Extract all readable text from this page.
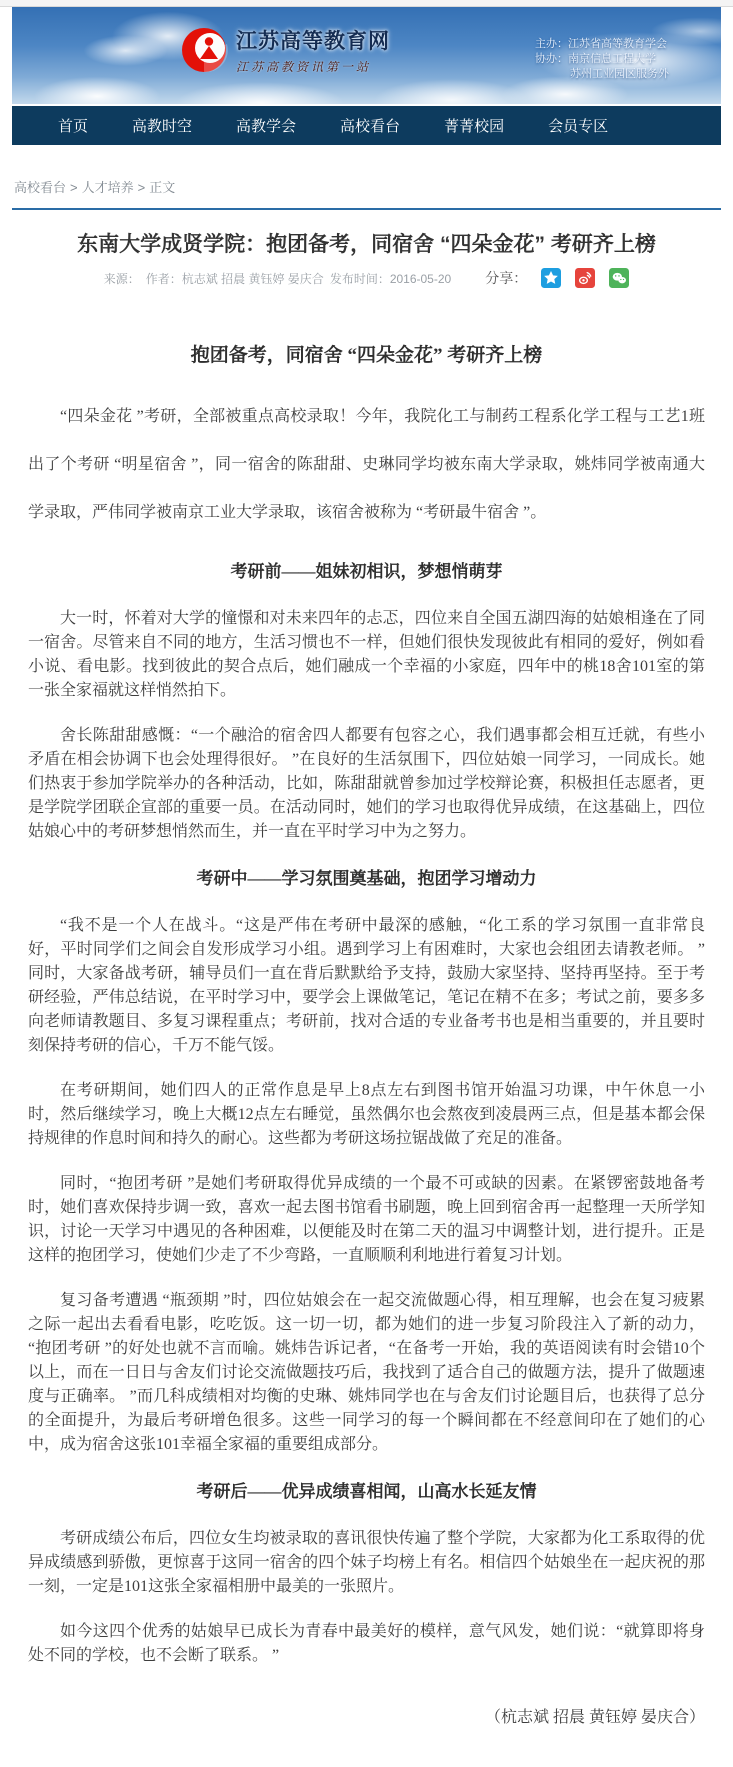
江苏高等教育网
江苏高教资讯第一站
主办：江苏省高等教育学会
协办：南京信息工程大学
苏州工业园区服务外
首页	高教时空	高教学会	高校看台	菁菁校园	会员专区
高校看台 > 人才培养 > 正文
东南大学成贤学院：抱团备考，同宿舍 “四朵金花” 考研齐上榜
来源： 作者：杭志斌 招晨 黄钰婷 晏庆合 发布时间：2016-05-20 分享：
抱团备考，同宿舍 “四朵金花” 考研齐上榜

“四朵金花 ”考研，全部被重点高校录取！今年，我院化工与制药工程系化学工程与工艺1班出了个考研 “明星宿舍 ”，同一宿舍的陈甜甜、史琳同学均被东南大学录取，姚炜同学被南通大学录取，严伟同学被南京工业大学录取，该宿舍被称为 “考研最牛宿舍 ”。

考研前——姐妹初相识，梦想悄萌芽

大一时，怀着对大学的憧憬和对未来四年的忐忑，四位来自全国五湖四海的姑娘相逢在了同一宿舍。尽管来自不同的地方，生活习惯也不一样，但她们很快发现彼此有相同的爱好，例如看小说、看电影。找到彼此的契合点后，她们融成一个幸福的小家庭，四年中的桃18舍101室的第一张全家福就这样悄然拍下。

舍长陈甜甜感慨：“一个融洽的宿舍四人都要有包容之心，我们遇事都会相互迁就，有些小矛盾在相会协调下也会处理得很好。 ”在良好的生活氛围下，四位姑娘一同学习，一同成长。她们热衷于参加学院举办的各种活动，比如，陈甜甜就曾参加过学校辩论赛，积极担任志愿者，更是学院学团联企宣部的重要一员。在活动同时，她们的学习也取得优异成绩，在这基础上，四位姑娘心中的考研梦想悄然而生，并一直在平时学习中为之努力。

考研中——学习氛围奠基础，抱团学习增动力

“我不是一个人在战斗。“这是严伟在考研中最深的感触，“化工系的学习氛围一直非常良好，平时同学们之间会自发形成学习小组。遇到学习上有困难时，大家也会组团去请教老师。 ”同时，大家备战考研，辅导员们一直在背后默默给予支持，鼓励大家坚持、坚持再坚持。至于考研经验，严伟总结说，在平时学习中，要学会上课做笔记，笔记在精不在多；考试之前，要多多向老师请教题目、多复习课程重点；考研前，找对合适的专业备考书也是相当重要的，并且要时刻保持考研的信心，千万不能气馁。

在考研期间，她们四人的正常作息是早上8点左右到图书馆开始温习功课，中午休息一小时，然后继续学习，晚上大概12点左右睡觉，虽然偶尔也会熬夜到凌晨两三点，但是基本都会保持规律的作息时间和持久的耐心。这些都为考研这场拉锯战做了充足的准备。

同时，“抱团考研 ”是她们考研取得优异成绩的一个最不可或缺的因素。在紧锣密鼓地备考时，她们喜欢保持步调一致，喜欢一起去图书馆看书刷题，晚上回到宿舍再一起整理一天所学知识，讨论一天学习中遇见的各种困难，以便能及时在第二天的温习中调整计划，进行提升。正是这样的抱团学习，使她们少走了不少弯路，一直顺顺利利地进行着复习计划。

复习备考遭遇 “瓶颈期 ”时，四位姑娘会在一起交流做题心得，相互理解，也会在复习疲累之际一起出去看看电影，吃吃饭。这一切一切，都为她们的进一步复习阶段注入了新的动力，“抱团考研 ”的好处也就不言而喻。姚炜告诉记者，“在备考一开始，我的英语阅读有时会错10个以上，而在一日日与舍友们讨论交流做题技巧后，我找到了适合自己的做题方法，提升了做题速度与正确率。 ”而几科成绩相对均衡的史琳、姚炜同学也在与舍友们讨论题目后，也获得了总分的全面提升，为最后考研增色很多。这些一同学习的每一个瞬间都在不经意间印在了她们的心中，成为宿舍这张101幸福全家福的重要组成部分。

考研后——优异成绩喜相闻，山高水长延友情

考研成绩公布后，四位女生均被录取的喜讯很快传遍了整个学院，大家都为化工系取得的优异成绩感到骄傲，更惊喜于这同一宿舍的四个妹子均榜上有名。相信四个姑娘坐在一起庆祝的那一刻，一定是101这张全家福相册中最美的一张照片。

如今这四个优秀的姑娘早已成长为青春中最美好的模样，意气风发，她们说：“就算即将身处不同的学校，也不会断了联系。 ”

（杭志斌 招晨 黄钰婷 晏庆合）
